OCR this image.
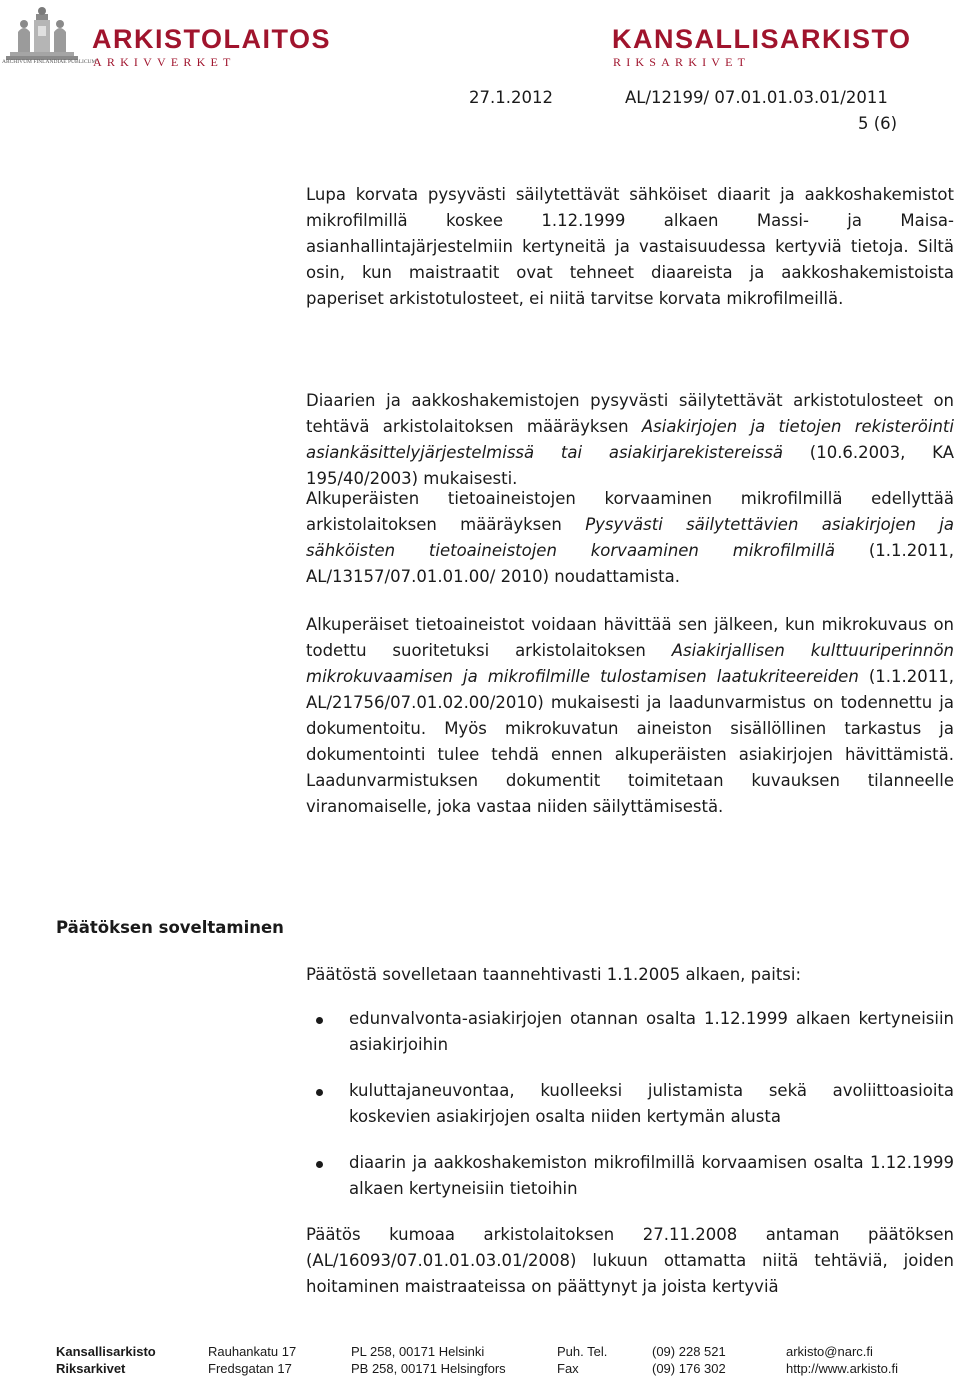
ARCHIVUM FINLANDIAE PUBLICUM
ARKISTOLAITOS
ARKIVVERKET
KANSALLISARKISTO
RIKSARKIVET
27.1.2012	AL/12199/ 07.01.01.03.01/2011
5 (6)
Lupa korvata pysyvästi säilytettävät sähköiset diaarit ja aakkoshakemistot mikrofilmillä koskee 1.12.1999 alkaen Massi- ja Maisa-asianhallintajärjestelmiin kertyneitä ja vastaisuudessa kertyviä tietoja. Siltä osin, kun maistraatit ovat tehneet diaareista ja aakkoshakemistoista paperiset arkistotulosteet, ei niitä tarvitse korvata mikrofilmeillä.
Diaarien ja aakkoshakemistojen pysyvästi säilytettävät arkistotulosteet on tehtävä arkistolaitoksen määräyksen Asiakirjojen ja tietojen rekisteröinti asiankäsittelyjärjestelmissä tai asiakirjarekistereissä (10.6.2003, KA 195/40/2003) mukaisesti.
Alkuperäisten tietoaineistojen korvaaminen mikrofilmillä edellyttää arkistolaitoksen määräyksen Pysyvästi säilytettävien asiakirjojen ja sähköisten tietoaineistojen korvaaminen mikrofilmillä (1.1.2011, AL/13157/07.01.01.00/ 2010) noudattamista.
Alkuperäiset tietoaineistot voidaan hävittää sen jälkeen, kun mikrokuvaus on todettu suoritetuksi arkistolaitoksen Asiakirjallisen kulttuuriperinnön mikrokuvaamisen ja mikrofilmille tulostamisen laatukriteereiden (1.1.2011, AL/21756/07.01.02.00/2010) mukaisesti ja laadunvarmistus on todennettu ja dokumentoitu. Myös mikrokuvatun aineiston sisällöllinen tarkastus ja dokumentointi tulee tehdä ennen alkuperäisten asiakirjojen hävittämistä. Laadunvarmistuksen dokumentit toimitetaan kuvauksen tilanneelle viranomaiselle, joka vastaa niiden säilyttämisestä.
Päätöksen soveltaminen
Päätöstä sovelletaan taannehtivasti 1.1.2005 alkaen, paitsi:
edunvalvonta-asiakirjojen otannan osalta 1.12.1999 alkaen kertyneisiin asiakirjoihin
kuluttajaneuvontaa, kuolleeksi julistamista sekä avoliittoasioita koskevien asiakirjojen osalta niiden kertymän alusta
diaarin ja aakkoshakemiston mikrofilmillä korvaamisen osalta 1.12.1999 alkaen kertyneisiin tietoihin
Päätös kumoaa arkistolaitoksen 27.11.2008 antaman päätöksen (AL/16093/07.01.01.03.01/2008) lukuun ottamatta niitä tehtäviä, joiden hoitaminen maistraateissa on päättynyt ja joista kertyviä
Kansallisarkisto	Rauhankatu 17	PL 258, 00171 Helsinki	Puh. Tel.	(09) 228 521	arkisto@narc.fi
Riksarkivet	Fredsgatan 17	PB 258, 00171 Helsingfors	Fax	(09) 176 302	http://www.arkisto.fi
